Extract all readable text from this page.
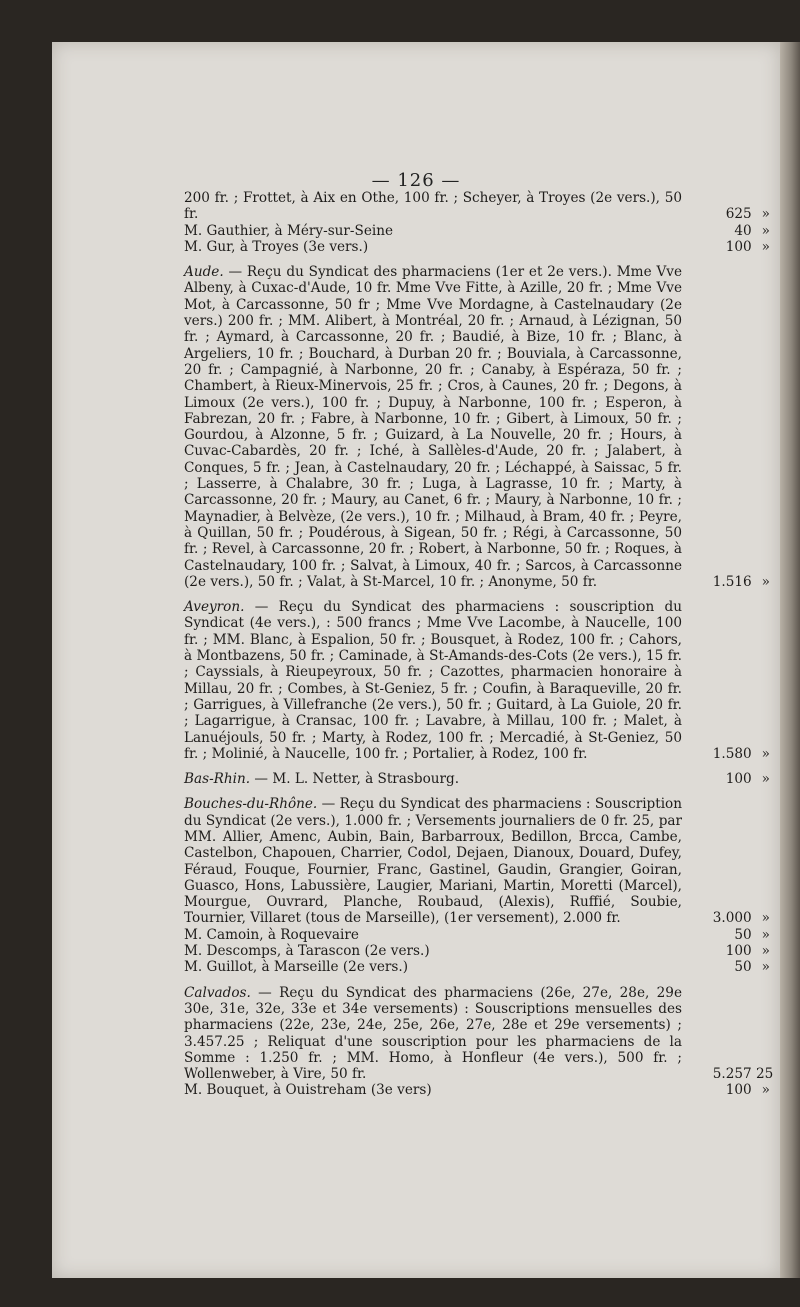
— 126 —
200 fr. ; Frottet, à Aix en Othe, 100 fr. ; Scheyer, à Troyes (2e vers.), 50 fr.	625 »
M. Gauthier, à Méry-sur-Seine	40 »
M. Gur, à Troyes (3e vers.)	100 »
Aude. — Reçu du Syndicat des pharmaciens (1er et 2e vers.). Mme Vve Albeny, à Cuxac-d'Aude, 10 fr. Mme Vve Fitte, à Azille, 20 fr. ; Mme Vve Mot, à Carcassonne, 50 fr ; Mme Vve Mordagne, à Castelnaudary (2e vers.) 200 fr. ; MM. Alibert, à Montréal, 20 fr. ; Arnaud, à Lézignan, 50 fr. ; Aymard, à Carcassonne, 20 fr. ; Baudié, à Bize, 10 fr. ; Blanc, à Argeliers, 10 fr. ; Bouchard, à Durban 20 fr. ; Bouviala, à Carcassonne, 20 fr. ; Campagnié, à Narbonne, 20 fr. ; Canaby, à Espéraza, 50 fr. ; Chambert, à Rieux-Minervois, 25 fr. ; Cros, à Caunes, 20 fr. ; Degons, à Limoux (2e vers.), 100 fr. ; Dupuy, à Narbonne, 100 fr. ; Esperon, à Fabrezan, 20 fr. ; Fabre, à Narbonne, 10 fr. ; Gibert, à Limoux, 50 fr. ; Gourdou, à Alzonne, 5 fr. ; Guizard, à La Nouvelle, 20 fr. ; Hours, à Cuvac-Cabardès, 20 fr. ; Iché, à Sallèles-d'Aude, 20 fr. ; Jalabert, à Conques, 5 fr. ; Jean, à Castelnaudary, 20 fr. ; Léchappé, à Saissac, 5 fr. ; Lasserre, à Chalabre, 30 fr. ; Luga, à Lagrasse, 10 fr. ; Marty, à Carcassonne, 20 fr. ; Maury, au Canet, 6 fr. ; Maury, à Narbonne, 10 fr. ; Maynadier, à Belvèze, (2e vers.), 10 fr. ; Milhaud, à Bram, 40 fr. ; Peyre, à Quillan, 50 fr. ; Poudérous, à Sigean, 50 fr. ; Régi, à Carcassonne, 50 fr. ; Revel, à Carcassonne, 20 fr. ; Robert, à Narbonne, 50 fr. ; Roques, à Castelnaudary, 100 fr. ; Salvat, à Limoux, 40 fr. ; Sarcos, à Carcassonne (2e vers.), 50 fr. ; Valat, à St-Marcel, 10 fr. ; Anonyme, 50 fr.	1.516 »
Aveyron. — Reçu du Syndicat des pharmaciens : souscription du Syndicat (4e vers.), : 500 francs ; Mme Vve Lacombe, à Naucelle, 100 fr. ; MM. Blanc, à Espalion, 50 fr. ; Bousquet, à Rodez, 100 fr. ; Cahors, à Montbazens, 50 fr. ; Caminade, à St-Amands-des-Cots (2e vers.), 15 fr. ; Cayssials, à Rieupeyroux, 50 fr. ; Cazottes, pharmacien honoraire à Millau, 20 fr. ; Combes, à St-Geniez, 5 fr. ; Coufin, à Baraqueville, 20 fr. ; Garrigues, à Villefranche (2e vers.), 50 fr. ; Guitard, à La Guiole, 20 fr. ; Lagarrigue, à Cransac, 100 fr. ; Lavabre, à Millau, 100 fr. ; Malet, à Lanuéjouls, 50 fr. ; Marty, à Rodez, 100 fr. ; Mercadié, à St-Geniez, 50 fr. ; Molinié, à Naucelle, 100 fr. ; Portalier, à Rodez, 100 fr.	1.580 »
Bas-Rhin. — M. L. Netter, à Strasbourg.	100 »
Bouches-du-Rhône. — Reçu du Syndicat des pharmaciens : Souscription du Syndicat (2e vers.), 1.000 fr. ; Versements journaliers de 0 fr. 25, par MM. Allier, Amenc, Aubin, Bain, Barbarroux, Bedillon, Brcca, Cambe, Castelbon, Chapouen, Charrier, Codol, Dejaen, Dianoux, Douard, Dufey, Féraud, Fouque, Fournier, Franc, Gastinel, Gaudin, Grangier, Goiran, Guasco, Hons, Labussière, Laugier, Mariani, Martin, Moretti (Marcel), Mourgue, Ouvrard, Planche, Roubaud, (Alexis), Ruffié, Soubie, Tournier, Villaret (tous de Marseille), (1er versement), 2.000 fr.	3.000 »
M. Camoin, à Roquevaire	50 »
M. Descomps, à Tarascon (2e vers.)	100 »
M. Guillot, à Marseille (2e vers.)	50 »
Calvados. — Reçu du Syndicat des pharmaciens (26e, 27e, 28e, 29e 30e, 31e, 32e, 33e et 34e versements) : Souscriptions mensuelles des pharmaciens (22e, 23e, 24e, 25e, 26e, 27e, 28e et 29e versements) ; 3.457.25 ; Reliquat d'une souscription pour les pharmaciens de la Somme : 1.250 fr. ; MM. Homo, à Honfleur (4e vers.), 500 fr. ; Wollenweber, à Vire, 50 fr.	5.257 25
M. Bouquet, à Ouistreham (3e vers)	100 »
